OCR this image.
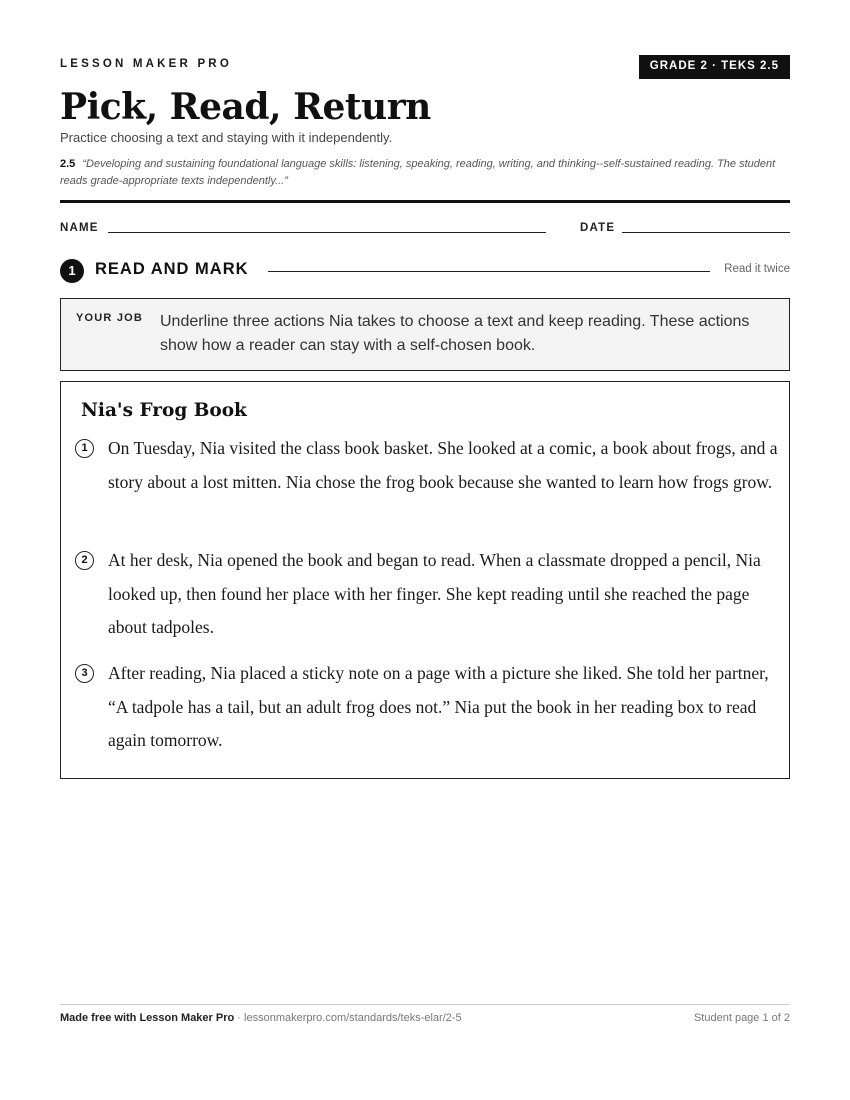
LESSON MAKER PRO	GRADE 2 · TEKS 2.5
Pick, Read, Return
Practice choosing a text and staying with it independently.
2.5 “Developing and sustaining foundational language skills: listening, speaking, reading, writing, and thinking--self-sustained reading. The student reads grade-appropriate texts independently...”
NAME	DATE
1	READ AND MARK	Read it twice
YOUR JOB Underline three actions Nia takes to choose a text and keep reading. These actions show how a reader can stay with a self-chosen book.
Nia's Frog Book
1	On Tuesday, Nia visited the class book basket. She looked at a comic, a book about frogs, and a story about a lost mitten. Nia chose the frog book because she wanted to learn how frogs grow.
2	At her desk, Nia opened the book and began to read. When a classmate dropped a pencil, Nia looked up, then found her place with her finger. She kept reading until she reached the page about tadpoles.
3	After reading, Nia placed a sticky note on a page with a picture she liked. She told her partner, “A tadpole has a tail, but an adult frog does not.” Nia put the book in her reading box to read again tomorrow.
Made free with Lesson Maker Pro · lessonmakerpro.com/standards/teks-elar/2-5	Student page 1 of 2
